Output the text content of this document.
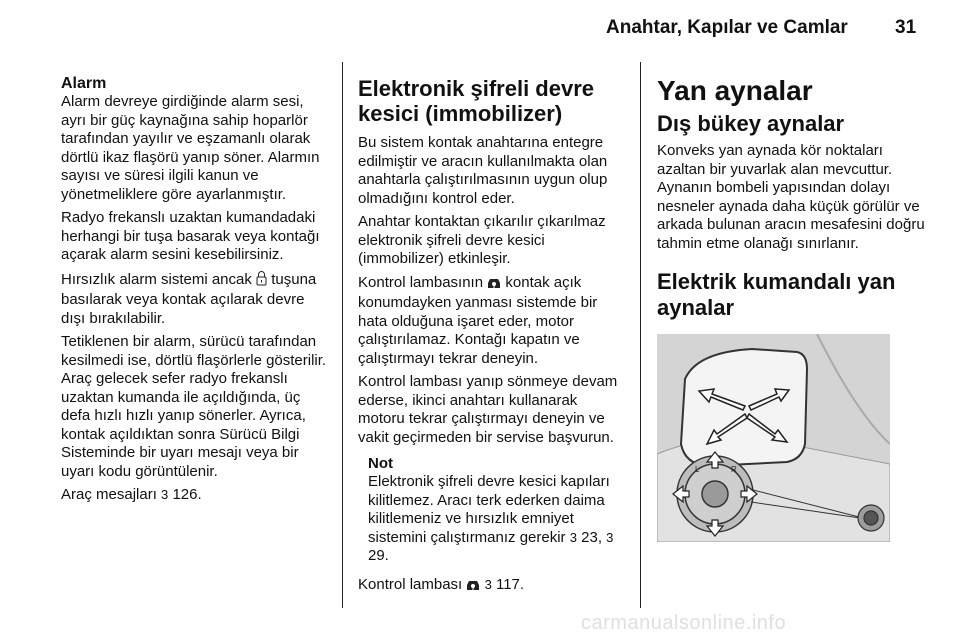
Anahtar, Kapılar ve Camlar 31
Alarm

Alarm devreye girdiğinde alarm sesi, ayrı bir güç kaynağına sahip hoparlör tarafından yayılır ve eşzamanlı olarak dörtlü ikaz flaşörü yanıp söner. Alarmın sayısı ve süresi ilgili kanun ve yönetmeliklere göre ayarlanmıştır.

Radyo frekanslı uzaktan kumandadaki herhangi bir tuşa basarak veya kontağı açarak alarm sesini kesebilirsiniz.

Hırsızlık alarm sistemi ancak tuşuna basılarak veya kontak açılarak devre dışı bırakılabilir.

Tetiklenen bir alarm, sürücü tarafından kesilmedi ise, dörtlü flaşörlerle gösterilir. Araç gelecek sefer radyo frekanslı uzaktan kumanda ile açıldığında, üç defa hızlı hızlı yanıp sönerler. Ayrıca, kontak açıldıktan sonra Sürücü Bilgi Sisteminde bir uyarı mesajı veya bir uyarı kodu görüntülenir.

Araç mesajları 3 126.

Elektronik şifreli devre kesici (immobilizer)

Bu sistem kontak anahtarına entegre edilmiştir ve aracın kullanılmakta olan anahtarla çalıştırılmasının uygun olup olmadığını kontrol eder.

Anahtar kontaktan çıkarılır çıkarılmaz elektronik şifreli devre kesici (immobilizer) etkinleşir.

Kontrol lambasının kontak açık konumdayken yanması sistemde bir hata olduğuna işaret eder, motor çalıştırılamaz. Kontağı kapatın ve çalıştırmayı tekrar deneyin.

Kontrol lambası yanıp sönmeye devam ederse, ikinci anahtarı kullanarak motoru tekrar çalıştırmayı deneyin ve vakit geçirmeden bir servise başvurun.

Not

Elektronik şifreli devre kesici kapıları kilitlemez. Aracı terk ederken daima kilitlemeniz ve hırsızlık emniyet sistemini çalıştırmanız gerekir 3 23, 3 29.

Kontrol lambası 3 117.

Yan aynalar
Dış bükey aynalar

Konveks yan aynada kör noktaları azaltan bir yuvarlak alan mevcuttur. Aynanın bombeli yapısından dolayı nesneler aynada daha küçük görülür ve arkada bulunan aracın mesafesini doğru tahmin etme olanağı sınırlanır.

Elektrik kumandalı yan aynalar
L	R
carmanualsonline.info
